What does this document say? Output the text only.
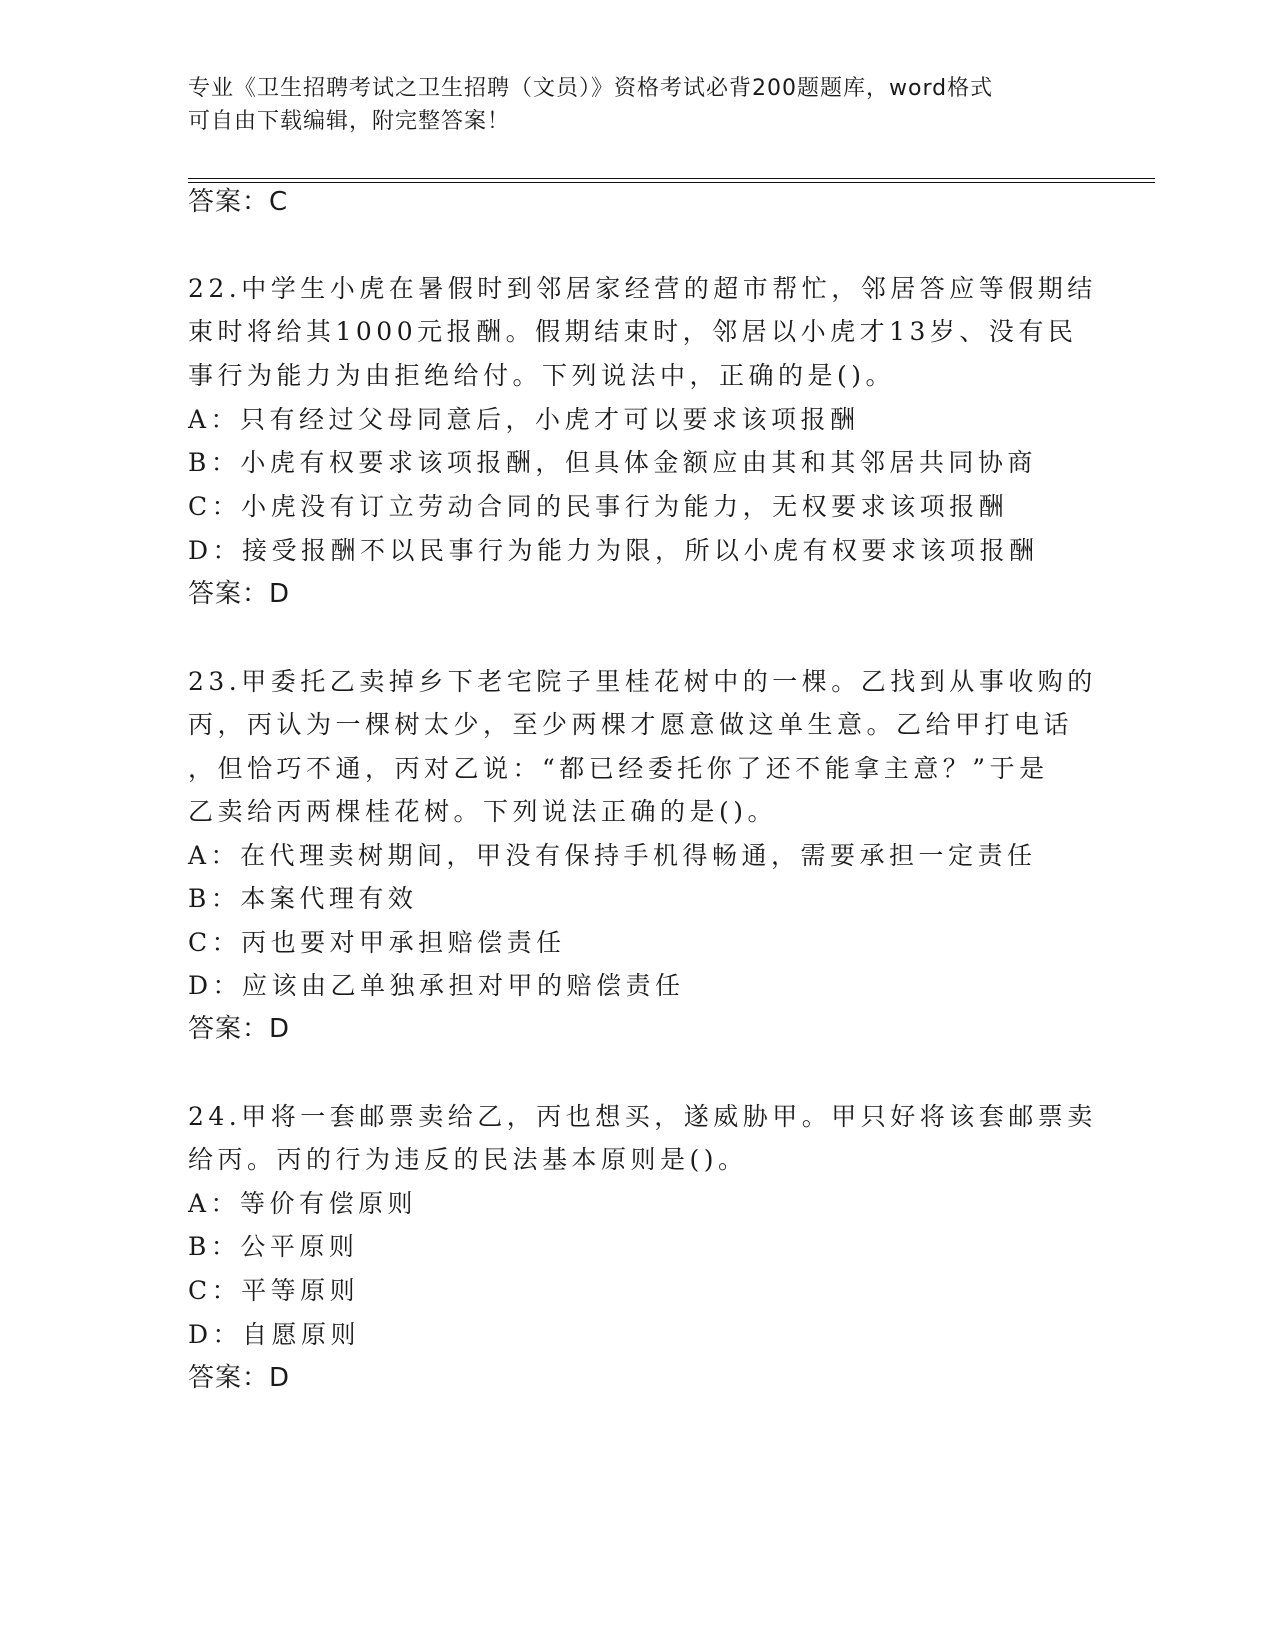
专业《卫生招聘考试之卫生招聘（文员）》资格考试必背200题题库，word格式
可自由下载编辑，附完整答案！
答案：C
22.中学生小虎在暑假时到邻居家经营的超市帮忙，邻居答应等假期结
束时将给其1000元报酬。假期结束时，邻居以小虎才13岁、没有民
事行为能力为由拒绝给付。下列说法中，正确的是()。
A：只有经过父母同意后，小虎才可以要求该项报酬
B：小虎有权要求该项报酬，但具体金额应由其和其邻居共同协商
C：小虎没有订立劳动合同的民事行为能力，无权要求该项报酬
D：接受报酬不以民事行为能力为限，所以小虎有权要求该项报酬
答案：D
23.甲委托乙卖掉乡下老宅院子里桂花树中的一棵。乙找到从事收购的
丙，丙认为一棵树太少，至少两棵才愿意做这单生意。乙给甲打电话
，但恰巧不通，丙对乙说：“都已经委托你了还不能拿主意？”于是
乙卖给丙两棵桂花树。下列说法正确的是()。
A：在代理卖树期间，甲没有保持手机得畅通，需要承担一定责任
B：本案代理有效
C：丙也要对甲承担赔偿责任
D：应该由乙单独承担对甲的赔偿责任
答案：D
24.甲将一套邮票卖给乙，丙也想买，遂威胁甲。甲只好将该套邮票卖
给丙。丙的行为违反的民法基本原则是()。
A：等价有偿原则
B：公平原则
C：平等原则
D：自愿原则
答案：D
